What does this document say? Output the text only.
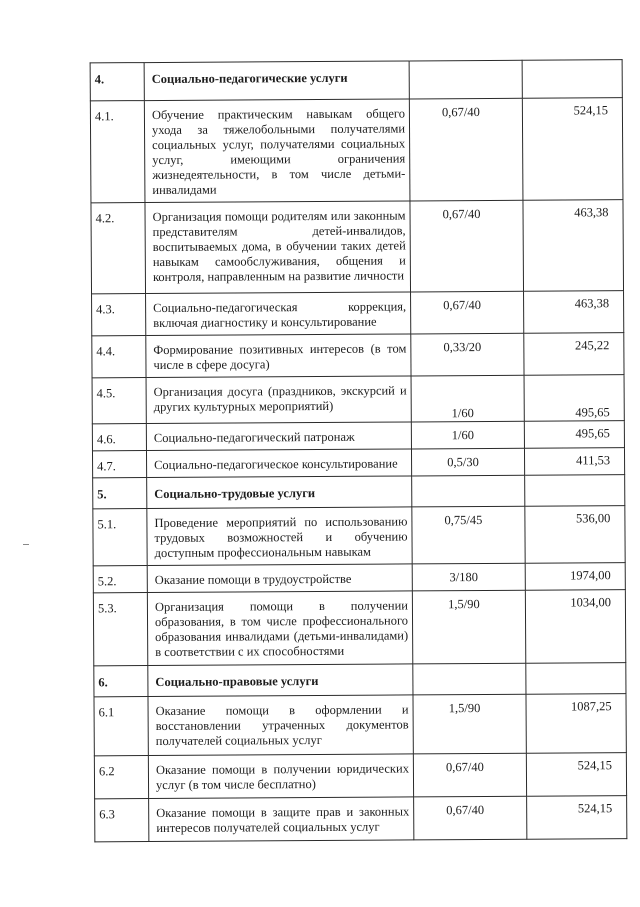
4.	Социально-педагогические услуги		
4.1.	Обучение практическим навыкам общего ухода за тяжелобольными получателями социальных услуг, получателями социальных услуг, имеющими ограничения жизнедеятельности, в том числе детьми-инвалидами	0,67/40	524,15
4.2.	Организация помощи родителям или законным представителям детей-инвалидов, воспитываемых дома, в обучении таких детей навыкам самообслуживания, общения и контроля, направленным на развитие личности	0,67/40	463,38
4.3.	Социально-педагогическая коррекция, включая диагностику и консультирование	0,67/40	463,38
4.4.	Формирование позитивных интересов (в том числе в сфере досуга)	0,33/20	245,22
4.5.	Организация досуга (праздников, экскурсий и других культурных мероприятий)	1/60	495,65
4.6.	Социально-педагогический патронаж	1/60	495,65
4.7.	Социально-педагогическое консультирование	0,5/30	411,53
5.	Социально-трудовые услуги		
5.1.	Проведение мероприятий по использованию трудовых возможностей и обучению доступным профессиональным навыкам	0,75/45	536,00
5.2.	Оказание помощи в трудоустройстве	3/180	1974,00
5.3.	Организация помощи в получении образования, в том числе профессионального образования инвалидами (детьми-инвалидами) в соответствии с их способностями	1,5/90	1034,00
6.	Социально-правовые услуги		
6.1	Оказание помощи в оформлении и восстановлении утраченных документов получателей социальных услуг	1,5/90	1087,25
6.2	Оказание помощи в получении юридических услуг (в том числе бесплатно)	0,67/40	524,15
6.3	Оказание помощи в защите прав и законных интересов получателей социальных услуг	0,67/40	524,15
